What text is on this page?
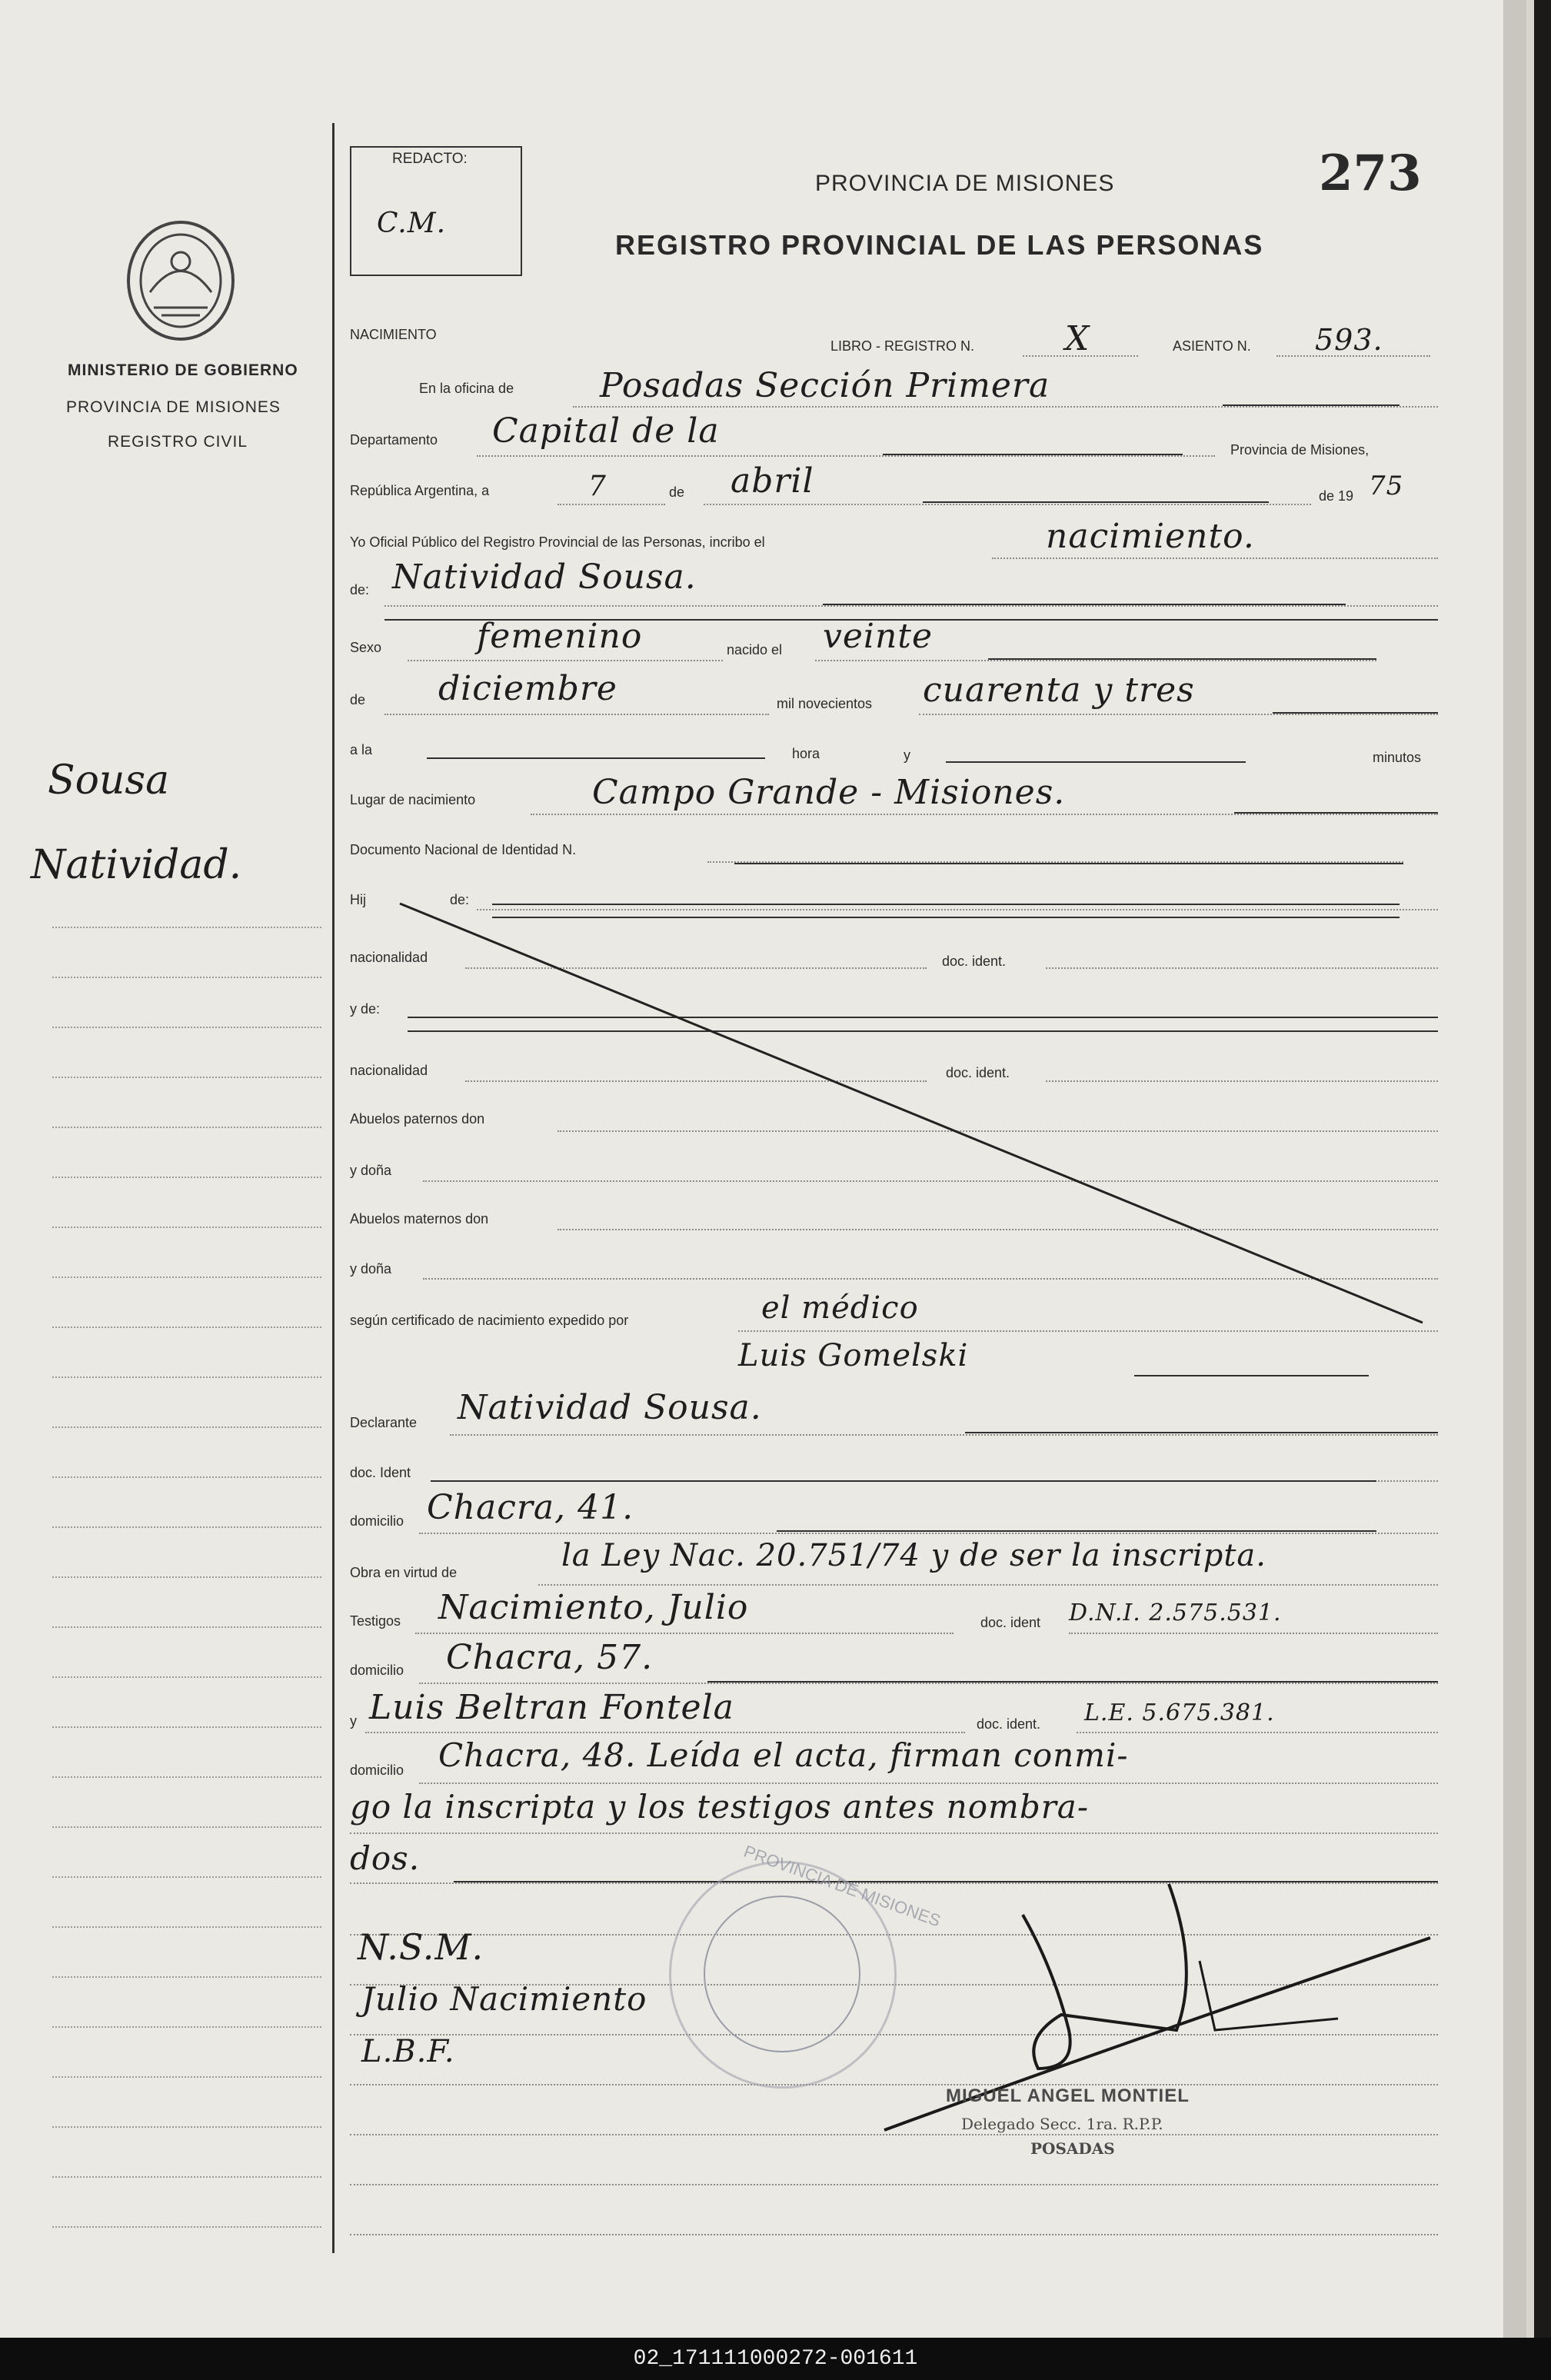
REDACTO:
C.M.
PROVINCIA DE MISIONES
REGISTRO PROVINCIAL DE LAS PERSONAS
273
MINISTERIO DE GOBIERNO
PROVINCIA DE MISIONES
REGISTRO CIVIL
Sousa
Natividad.
NACIMIENTO
LIBRO - REGISTRO N.	X	ASIENTO N. 593.
En la oficina de	Posadas Sección Primera
Departamento Capital de la	Provincia de Misiones,
República Argentina, a	7	de abril	de 19 75
Yo Oficial Público del Registro Provincial de las Personas, incribo el	nacimiento.
de: Natividad Sousa.
Sexo	femenino	nacido el veinte
de diciembre	mil novecientos cuarenta y tres
a la	hora	y	minutos
Lugar de nacimiento	Campo Grande - Misiones.
Documento Nacional de Identidad N.
Hij	de:
nacionalidad	doc. ident.
y de:
nacionalidad	doc. ident.
Abuelos paternos don
y doña
Abuelos maternos don
y doña
según certificado de nacimiento expedido por	el médico
Luis Gomelski
Declarante Natividad Sousa.
doc. Ident
domicilio Chacra, 41.
Obra en virtud de	la Ley Nac. 20.751/74 y de ser la inscripta.
Testigos Nacimiento, Julio	doc. ident D.N.I. 2.575.531.
domicilio Chacra, 57.
y Luis Beltran Fontela	doc. ident. L.E. 5.675.381.
domicilio Chacra, 48. Leída el acta, firman conmi-
go la inscripta y los testigos antes nombra-
dos.	PROVINCIA DE MISIONES
N.S.M.
Julio Nacimiento
L.B.F.
MIGUEL ANGEL MONTIEL
Delegado Secc. 1ra. R.P.P.
POSADAS
02_171111000272-001611
